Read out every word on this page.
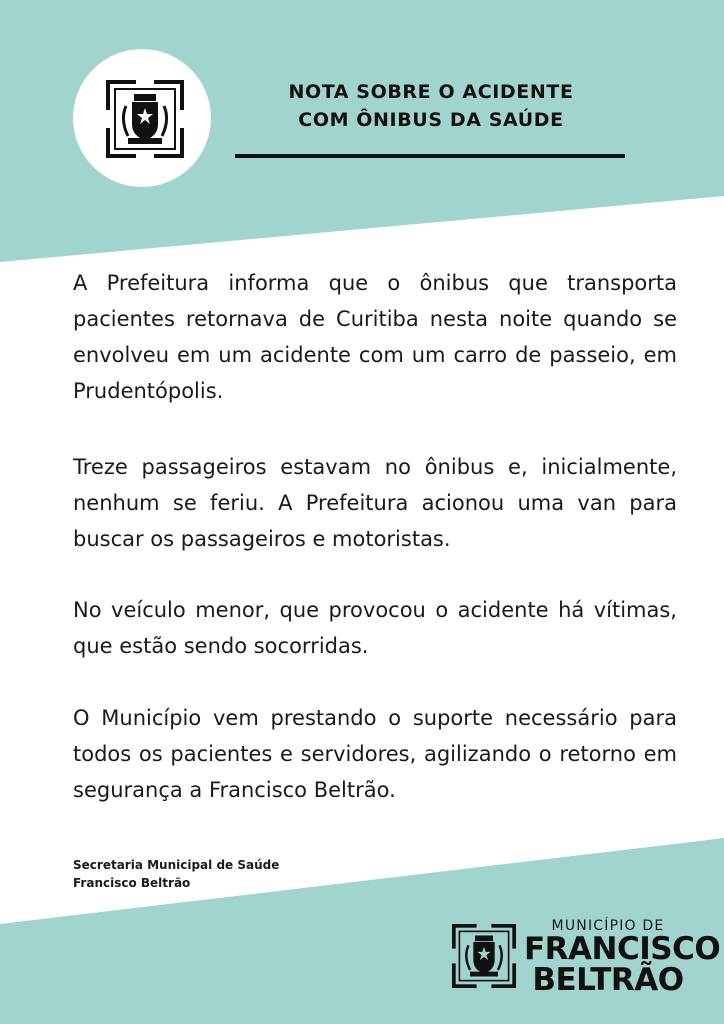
NOTA SOBRE O ACIDENTE
COM ÔNIBUS DA SAÚDE

A Prefeitura informa que o ônibus que transporta pacientes retornava de Curitiba nesta noite quando se envolveu em um acidente com um carro de passeio, em Prudentópolis.

Treze passageiros estavam no ônibus e, inicialmente, nenhum se feriu. A Prefeitura acionou uma van para buscar os passageiros e motoristas.

No veículo menor, que provocou o acidente há vítimas, que estão sendo socorridas.

O Município vem prestando o suporte necessário para todos os pacientes e servidores, agilizando o retorno em segurança a Francisco Beltrão.

Secretaria Municipal de Saúde
Francisco Beltrão
MUNICÍPIO DE
FRANCISCO
BELTRÃO
